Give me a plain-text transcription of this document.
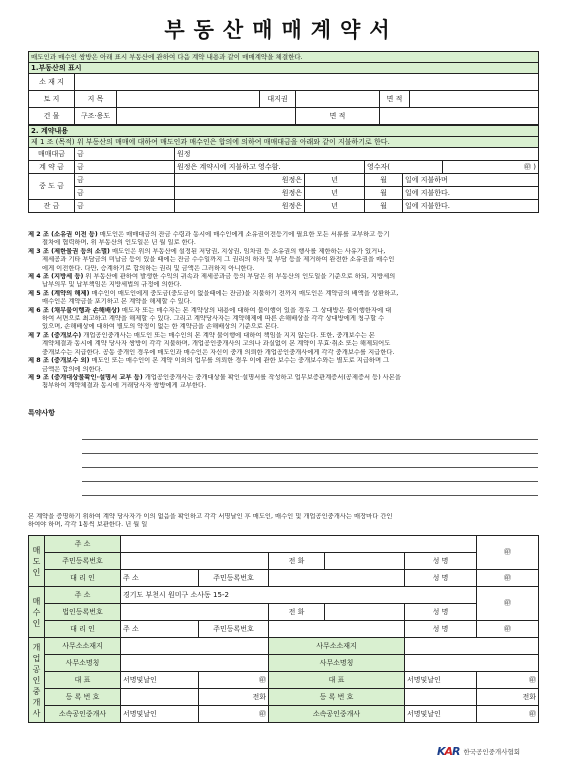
부동산매매계약서
매도인과 매수인 쌍방은 아래 표시 부동산에 관하여 다음 계약 내용과 같이 매매계약을 체결한다.						
1.부동산의 표시						
소 재 지						
토 지	지 목		대지권		면 적	
건 물	구조·용도			면 적		
2. 계약내용						
제 1 조 (목적) 위 부동산의 매매에 대하여 매도인과 매수인은 합의에 의하여 매매대금을 아래와 같이 지불하기로 한다.						
매매대금	금	원정				
계 약 금	금	원정은 계약시에 지불하고 영수함.		영수자(		㊞ )
중 도 금	금	원정은	년	월	일에 지불하며	
	금	원정은	년	월	일에 지불한다.	
잔 금	금	원정은	년	월	일에 지불한다.	

제 2 조 (소유권 이전 등) 매도인은 매매대금의 잔금 수령과 동시에 매수인에게 소유권이전등기에 필요한 모든 서류를 교부하고 등기

절차에 협력하며, 위 부동산의 인도일은 년 월 일로 한다.

제 3 조 (제한물권 등의 소멸) 매도인은 위의 부동산에 설정된 저당권, 지상권, 임차권 등 소유권의 행사를 제한하는 사유가 있거나,

제세공과 기타 부담금의 미납금 등이 있을 때에는 잔금 수수일까지 그 권리의 하자 및 부담 등을 제거하여 완전한 소유권을 매수인

에게 이전한다. 다만, 승계하기로 합의하는 권리 및 금액은 그러하지 아니한다.

제 4 조 (지방세 등) 위 부동산에 관하여 발생한 수익의 귀속과 제세공과금 등의 부담은 위 부동산의 인도일을 기준으로 하되, 지방세의

납부의무 및 납부책임은 지방세법의 규정에 의한다.

제 5 조 (계약의 해제) 매수인이 매도인에게 중도금(중도금이 없을때에는 잔금)을 지불하기 전까지 매도인은 계약금의 배액을 상환하고,

매수인은 계약금을 포기하고 본 계약을 해제할 수 있다.

제 6 조 (채무불이행과 손해배상) 매도자 또는 매수자는 본 계약상의 내용에 대하여 불이행이 있을 경우 그 상대방은 불이행한자에 대

하여 서면으로 최고하고 계약을 해제할 수 있다. 그리고 계약당사자는 계약해제에 따른 손해배상을 각각 상대방에게 청구할 수

있으며, 손해배상에 대하여 별도의 약정이 없는 한 계약금을 손해배상의 기준으로 본다.

제 7 조 (중개보수) 개업공인중개사는 매도인 또는 매수인의 본 계약 불이행에 대하여 책임을 지지 않는다. 또한, 중개보수는 본

계약체결과 동시에 계약 당사자 쌍방이 각각 지불하며, 개업공인중개사의 고의나 과실없이 본 계약이 무효·취소 또는 해제되어도

중개보수는 지급한다. 공동 중개인 경우에 매도인과 매수인은 자신이 중개 의뢰한 개업공인중개사에게 각각 중개보수를 지급한다.

제 8 조 (중개보수 외) 매도인 또는 매수인이 본 계약 이외의 업무를 의뢰한 경우 이에 관한 보수는 중개보수와는 별도로 지급하며 그

금액은 합의에 의한다.

제 9 조 (중개대상물확인·설명서 교부 등) 개업공인중개사는 중개대상물 확인·설명서를 작성하고 업무보증관계증서(공제증서 등) 사본을

첨부하여 계약체결과 동시에 거래당사자 쌍방에게 교부한다.

특약사항

본 계약을 증명하기 위하여 계약 당사자가 이의 없음을 확인하고 각각 서명날인 후 매도인, 매수인 및 개업공인중개사는 매장마다 간인

하여야 하며, 각각 1통씩 보관한다. 년 월 일

매도인	주 소						㊞
	주민등록번호			전 화		성 명	
	대 리 인	주 소	주민등록번호			성 명	㊞
매수인	주 소	경기도 부천시 원미구 소사동 15-2					㊞
	법인등록번호			전 화		성 명	
	대 리 인	주 소	주민등록번호			성 명	㊞
개업공인중개사	사무소소재지			사무소소재지			
	사무소명칭			사무소명칭			
	대 표	서명및날인	㊞	대 표		서명및날인	㊞
	등 록 번 호		전화	등 록 번 호			전화
	소속공인중개사	서명및날인	㊞	소속공인중개사		서명및날인	㊞
KAR 한국공인중개사협회
